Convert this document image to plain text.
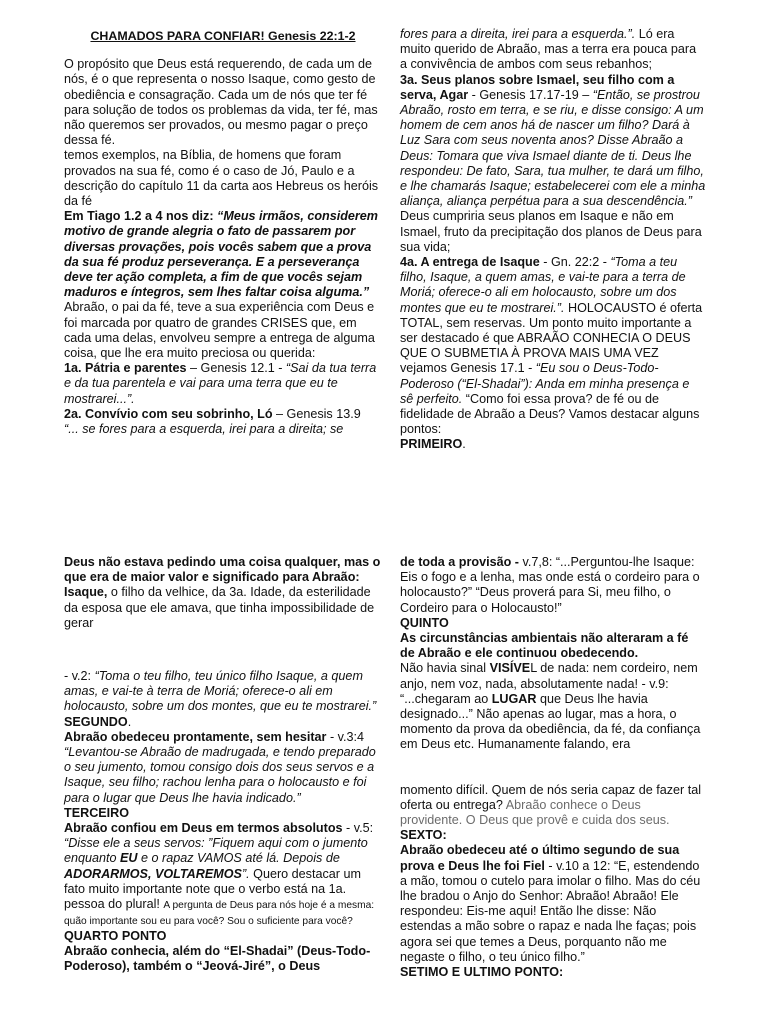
CHAMADOS PARA CONFIAR! Genesis 22:1-2

O propósito que Deus está requerendo, de cada um de nós, é o que representa o nosso Isaque, como gesto de obediência e consagração. Cada um de nós que ter fé para solução de todos os problemas da vida, ter fé, mas não queremos ser provados, ou mesmo pagar o preço dessa fé.

temos exemplos, na Bíblia, de homens que foram provados na sua fé, como é o caso de Jó, Paulo e a descrição do capítulo 11 da carta aos Hebreus os heróis da fé

Em Tiago 1.2 a 4 nos diz: “Meus irmãos, considerem motivo de grande alegria o fato de passarem por diversas provações, pois vocês sabem que a prova da sua fé produz perseverança. E a perseverança deve ter ação completa, a fim de que vocês sejam maduros e íntegros, sem lhes faltar coisa alguma.”

Abraão, o pai da fé, teve a sua experiência com Deus e foi marcada por quatro de grandes CRISES que, em cada uma delas, envolveu sempre a entrega de alguma coisa, que lhe era muito preciosa ou querida:

1a. Pátria e parentes – Genesis 12.1 - “Sai da tua terra e da tua parentela e vai para uma terra que eu te mostrarei...”.

2a. Convívio com seu sobrinho, Ló – Genesis 13.9
“... se fores para a esquerda, irei para a direita; se

fores para a direita, irei para a esquerda.”. Ló era muito querido de Abraão, mas a terra era pouca para a convivência de ambos com seus rebanhos;

3a. Seus planos sobre Ismael, seu filho com a serva, Agar - Genesis 17.17-19 – “Então, se prostrou Abraão, rosto em terra, e se riu, e disse consigo: A um homem de cem anos há de nascer um filho? Dará à Luz Sara com seus noventa anos? Disse Abraão a Deus: Tomara que viva Ismael diante de ti. Deus lhe respondeu: De fato, Sara, tua mulher, te dará um filho, e lhe chamarás Isaque; estabelecerei com ele a minha aliança, aliança perpétua para a sua descendência.” Deus cumpriria seus planos em Isaque e não em Ismael, fruto da precipitação dos planos de Deus para sua vida;

4a. A entrega de Isaque - Gn. 22:2 - “Toma a teu filho, Isaque, a quem amas, e vai-te para a terra de Moriá; oferece-o ali em holocausto, sobre um dos montes que eu te mostrarei.”. HOLOCAUSTO é oferta TOTAL, sem reservas. Um ponto muito importante a ser destacado é que ABRAÃO CONHECIA O DEUS QUE O SUBMETIA À PROVA MAIS UMA VEZ vejamos Genesis 17.1 - “Eu sou o Deus-Todo-Poderoso (“El-Shadai”): Anda em minha presença e sê perfeito. “Como foi essa prova? de fé ou de fidelidade de Abraão a Deus? Vamos destacar alguns pontos:

PRIMEIRO.

Deus não estava pedindo uma coisa qualquer, mas o que era de maior valor e significado para Abraão: Isaque, o filho da velhice, da 3a. Idade, da esterilidade da esposa que ele amava, que tinha impossibilidade de gerar

- v.2: “Toma o teu filho, teu único filho Isaque, a quem amas, e vai-te à terra de Moriá; oferece-o ali em holocausto, sobre um dos montes, que eu te mostrarei.”

SEGUNDO.

Abraão obedeceu prontamente, sem hesitar - v.3:4 “Levantou-se Abraão de madrugada, e tendo preparado o seu jumento, tomou consigo dois dos seus servos e a Isaque, seu filho; rachou lenha para o holocausto e foi para o lugar que Deus lhe havia indicado.”

TERCEIRO

Abraão confiou em Deus em termos absolutos - v.5: “Disse ele a seus servos: ”Fiquem aqui com o jumento enquanto EU e o rapaz VAMOS até lá. Depois de ADORARMOS, VOLTAREMOS”. Quero destacar um fato muito importante note que o verbo está na 1a. pessoa do plural! A pergunta de Deus para nós hoje é a mesma: quão importante sou eu para você? Sou o suficiente para você?

QUARTO PONTO

Abraão conhecia, além do “El-Shadai” (Deus-Todo-Poderoso), também o “Jeová-Jiré”, o Deus

de toda a provisão - v.7,8: “...Perguntou-lhe Isaque: Eis o fogo e a lenha, mas onde está o cordeiro para o holocausto?” “Deus proverá para Si, meu filho, o Cordeiro para o Holocausto!”

QUINTO

As circunstâncias ambientais não alteraram a fé de Abraão e ele continuou obedecendo.

Não havia sinal VISÍVEL de nada: nem cordeiro, nem anjo, nem voz, nada, absolutamente nada! - v.9: “...chegaram ao LUGAR que Deus lhe havia designado...” Não apenas ao lugar, mas a hora, o momento da prova da obediência, da fé, da confiança em Deus etc. Humanamente falando, era

momento difícil. Quem de nós seria capaz de fazer tal oferta ou entrega? Abraão conhece o Deus providente. O Deus que provê e cuida dos seus.

SEXTO:

Abraão obedeceu até o último segundo de sua prova e Deus lhe foi Fiel - v.10 a 12: “E, estendendo a mão, tomou o cutelo para imolar o filho. Mas do céu lhe bradou o Anjo do Senhor: Abraão! Abraão! Ele respondeu: Eis-me aqui! Então lhe disse: Não estendas a mão sobre o rapaz e nada lhe faças; pois agora sei que temes a Deus, porquanto não me negaste o filho, o teu único filho.”

SETIMO E ULTIMO PONTO:
